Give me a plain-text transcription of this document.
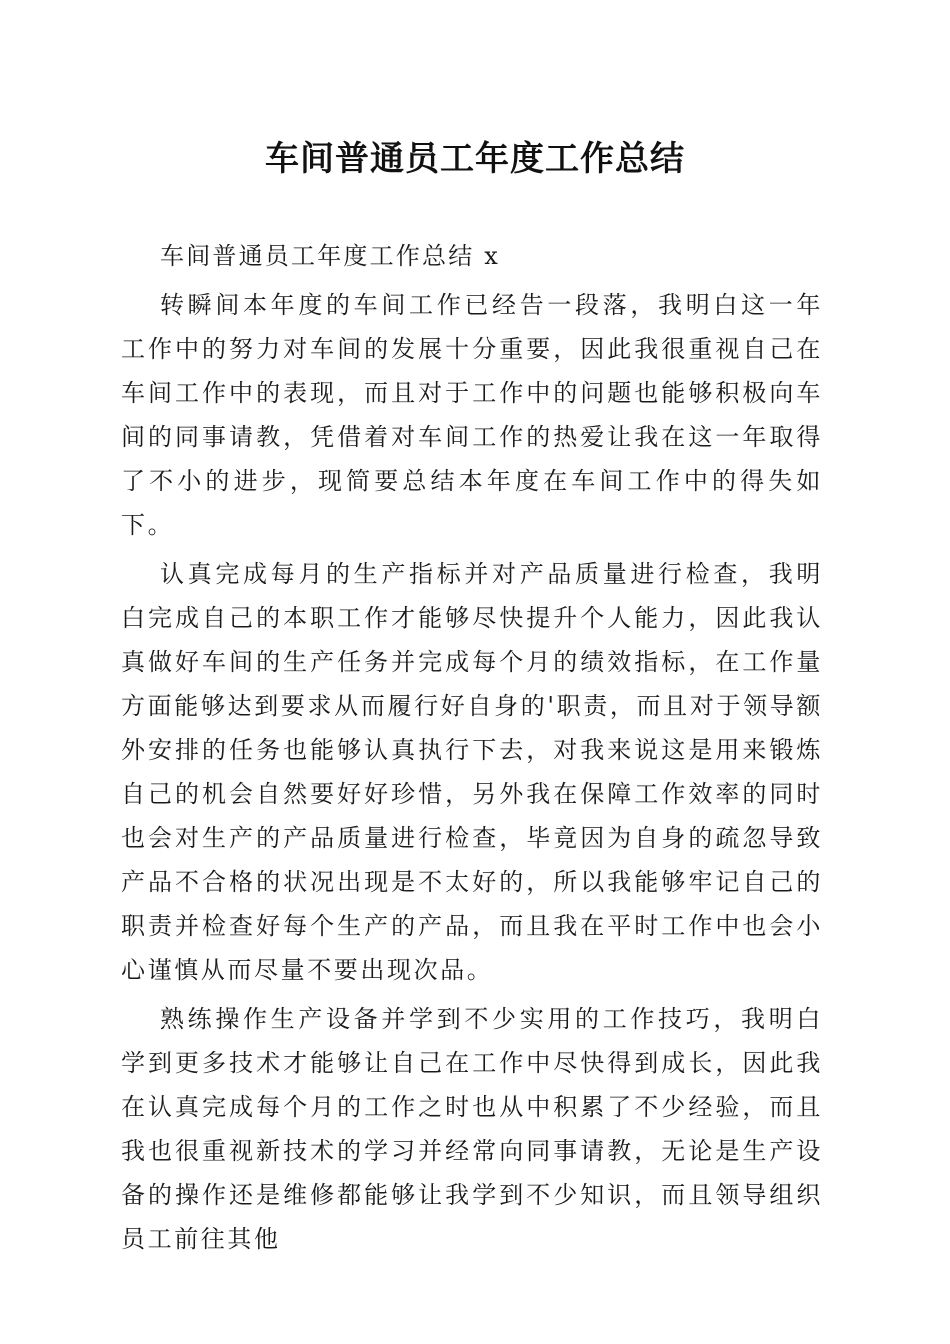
车间普通员工年度工作总结

车间普通员工年度工作总结 x

转瞬间本年度的车间工作已经告一段落，我明白这一年工作中的努力对车间的发展十分重要，因此我很重视自己在车间工作中的表现，而且对于工作中的问题也能够积极向车间的同事请教，凭借着对车间工作的热爱让我在这一年取得了不小的进步，现简要总结本年度在车间工作中的得失如下。

认真完成每月的生产指标并对产品质量进行检查，我明白完成自己的本职工作才能够尽快提升个人能力，因此我认真做好车间的生产任务并完成每个月的绩效指标，在工作量方面能够达到要求从而履行好自身的'职责，而且对于领导额外安排的任务也能够认真执行下去，对我来说这是用来锻炼自己的机会自然要好好珍惜，另外我在保障工作效率的同时也会对生产的产品质量进行检查，毕竟因为自身的疏忽导致产品不合格的状况出现是不太好的，所以我能够牢记自己的职责并检查好每个生产的产品，而且我在平时工作中也会小心谨慎从而尽量不要出现次品。

熟练操作生产设备并学到不少实用的工作技巧，我明白学到更多技术才能够让自己在工作中尽快得到成长，因此我在认真完成每个月的工作之时也从中积累了不少经验，而且我也很重视新技术的学习并经常向同事请教，无论是生产设备的操作还是维修都能够让我学到不少知识，而且领导组织员工前往其他
